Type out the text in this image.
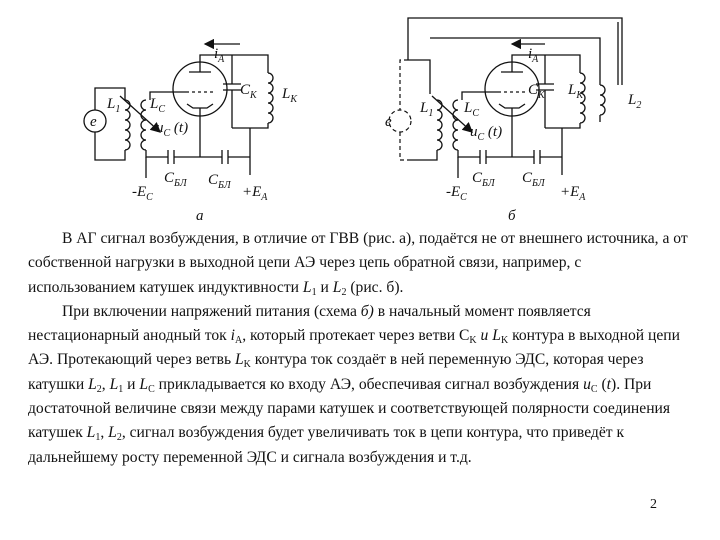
$i_A$
$C_K$ $L_K$
$L_1$ $L_C$
$u_C$ (t)
e
$C_{БЛ}$ $C_{БЛ}$
$-E_C$	$+E_A$
а
$i_A$
$C_K$ $L_K$	$L_2$
$L_1$ $L_C$
$u_C$ (t)
e
$C_{БЛ}$ $C_{БЛ}$
$-E_C$	$+E_A$
б

В АГ сигнал возбуждения, в отличие от ГВВ (рис. а), подаётся не от внешнего источника, а от собственной нагрузки в выходной цепи АЭ через цепь обратной связи, например, с использованием катушек индуктивности $L_1$ и $L_2$ (рис. б).

При включении напряжений питания (схема б) в начальный момент появляется нестационарный анодный ток $i_A$, который протекает через ветви $C_K$ и $L_K$ контура в выходной цепи АЭ. Протекающий через ветвь $L_K$ контура ток создаёт в ней переменную ЭДС, которая через катушки $L_2$, $L_1$ и $L_C$ прикладывается ко входу АЭ, обеспечивая сигнал возбуждения $u_C$ (t). При достаточной величине связи между парами катушек и соответствующей полярности соединения катушек $L_1$, $L_2$, сигнал возбуждения будет увеличивать ток в цепи контура, что приведёт к дальнейшему росту переменной ЭДС и сигнала возбуждения и т.д.

2
